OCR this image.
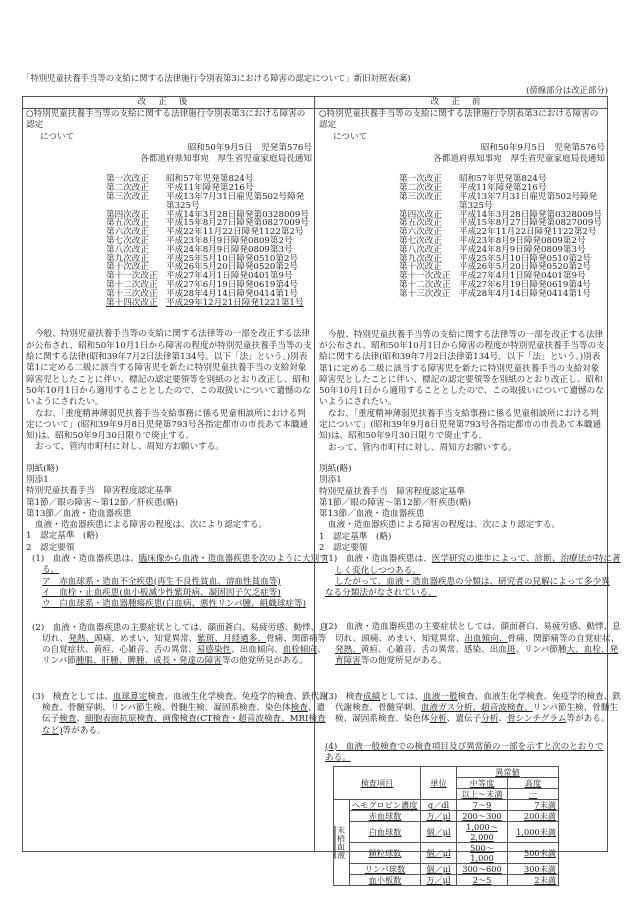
「特別児童扶養手当等の支給に関する法律施行令別表第3における障害の認定について」新旧対照表(案)
(傍線部分は改正部分)
改正後	改正前
○特別児童扶養手当等の支給に関する法律施行令別表第3における障害の認定
について
昭和50年9月5日　児発第576号
各都道府県知事宛　厚生省児童家庭局長通知
第一次改正	昭和57年児発第824号
第二次改正	平成11年障発第216号
第三次改正	平成13年7月31日雇児第502号障発第325号
第四次改正	平成14年3月28日障発第0328009号
第五次改正	平成15年8月27日障発第0827009号
第六次改正	平成22年11月22日障発1122第2号
第七次改正	平成23年8月9日障発0809第2号
第八次改正	平成24年8月9日障発0809第3号
第九次改正	平成25年5月10日障発0510第2号
第十次改正	平成26年5月20日障発0520第2号
第十一次改正 平成27年4月1日障発0401第9号
第十二次改正 平成27年6月19日障発0619第4号
第十三次改正 平成28年4月14日障発0414第1号
第十四次改正 平成29年12月21日障発1221第1号
今般、特別児童扶養手当等の支給に関する法律等の一部を改正する法律が公布され、昭和50年10月1日から障害の程度が特別児童扶養手当等の支給に関する法律(昭和39年7月2日法律第134号。以下「法」という。)別表第1に定める二級に該当する障害児を新たに特別児童扶養手当の支給対象障害児としたことに伴い、標記の認定要領等を別紙のとおり改正し、昭和50年10月1日から適用することとしたので、この取扱いについて遺憾のないようにされたい。
なお、「重度精神薄弱児扶養手当支給事務に係る児童相談所における判定について」(昭和39年9月8日児発第793号各指定都市の市長あて本職通知)は、昭和50年9月30日限りで廃止する。
おって、管内市町村に対し、周知方お願いする。
別紙(略)
別添1
特別児童扶養手当　障害程度認定基準
第1節／眼の障害～第12節／肝疾患(略)
第13節／血液・造血器疾患
血液・造血器疾患による障害の程度は、次により認定する。
1　認定基準　(略)
2　認定要領
(1)　血液・造血器疾患は、臨床像から血液・造血器疾患を次のように大別する。
ア　赤血球系・造血不全疾患(再生不良性貧血、溶血性貧血等)
イ　血栓・止血疾患(血小板減少性紫斑病、凝固因子欠乏症等)
ウ　白血球系・造血器腫瘍疾患(白血病、悪性リンパ腫、組織球症等)
(2)　血液・造血器疾患の主要症状としては、顔面蒼白、易疲労感、動悸、息切れ、発熱、頭痛、めまい、知覚異常、紫斑、月経過多、骨痛、関節痛等の自覚症状、黄疸、心雑音、舌の異常、易感染性、出血傾向、血栓傾向、リンパ節腫脹、肝腫、脾腫、成長・発達の障害等の他覚所見がある。
(3)　検査としては、血球算定検査、血液生化学検査、免疫学的検査、鉄代謝検査、骨髄穿刺、リンパ節生検、骨髄生検、凝固系検査、染色体検査、遺伝子検査、細胞表面抗原検査、画像検査(CT検査・超音波検査、MRI検査など)等がある。
○特別児童扶養手当等の支給に関する法律施行令別表第3における障害の認定
について
昭和50年9月5日　児発第576号
各都道府県知事宛　厚生省児童家庭局長通知
第一次改正	昭和57年児発第824号
第二次改正	平成11年障発第216号
第三次改正	平成13年7月31日雇児第502号障発第325号
第四次改正	平成14年3月28日障発第0328009号
第五次改正	平成15年8月27日障発第0827009号
第六次改正	平成22年11月22日障発1122第2号
第七次改正	平成23年8月9日障発0809第2号
第八次改正	平成24年8月9日障発0809第3号
第九次改正	平成25年5月10日障発0510第2号
第十次改正	平成26年5月20日障発0520第2号
第十一次改正 平成27年4月1日障発0401第9号
第十二次改正 平成27年6月19日障発0619第4号
第十三次改正 平成28年4月14日障発0414第1号
今般、特別児童扶養手当等の支給に関する法律等の一部を改正する法律が公布され、昭和50年10月1日から障害の程度が特別児童扶養手当等の支給に関する法律(昭和39年7月2日法律第134号。以下「法」という。)別表第1に定める二級に該当する障害児を新たに特別児童扶養手当の支給対象障害児としたことに伴い、標記の認定要領等を別紙のとおり改正し、昭和50年10月1日から適用することとしたので、この取扱いについて遺憾のないようにされたい。
なお、「重度精神薄弱児扶養手当支給事務に係る児童相談所における判定について」(昭和39年9月8日児発第793号各指定都市の市長あて本職通知)は、昭和50年9月30日限りで廃止する。
おって、管内市町村に対し、周知方お願いする。
別紙(略)
別添1
特別児童扶養手当　障害程度認定基準
第1節／眼の障害～第12節／肝疾患(略)
第13節／血液・造血器疾患
血液・造血器疾患による障害の程度は、次により認定する。
1　認定基準　(略)
2　認定要領
(1)　血液・造血器疾患は、医学研究の進歩によって、診断、治療法が特に著しく変化しつつある。
したがって、血液・造血器疾患の分類は、研究者の見解によって多少異なる分類法がなされている。
(2)　血液・造血器疾患の主要症状としては、顔面蒼白、易疲労感、動悸、息切れ、頭痛、めまい、知覚異常、出血傾向、骨痛、関節痛等の自覚症状、発熱、黄疸、心雑音、舌の異常、感染、出血斑、リンパ節腫大、血栓、発育障害等の他覚所見がある。
(3)　検査成績としては、血液一般検査、血液生化学検査、免疫学的検査、鉄代謝検査、骨髄穿刺、血液ガス分析、超音波検査、リンパ節生検、骨髄生検、凝固系検査、染色体分析、遺伝子分析、骨シンチグラム等がある。
(4)　血液一般検査での検査項目及び異常値の一部を示すと次のとおりである。
検査項目		単位	異常値	
			中等度	高度
			以上～未満	一
末梢血液	ヘモグロビン濃度	g／dl	7～9	7未満
	赤血球数	万／μl	200～300	200未満
	白血球数	個／μl	1,000～2,000	1,000未満
	顆粒球数	個／μl	500～1,000	500未満
	リンパ球数	個／μl	300～600	300未満
	血小板数	万／μl	2～5	2未満
